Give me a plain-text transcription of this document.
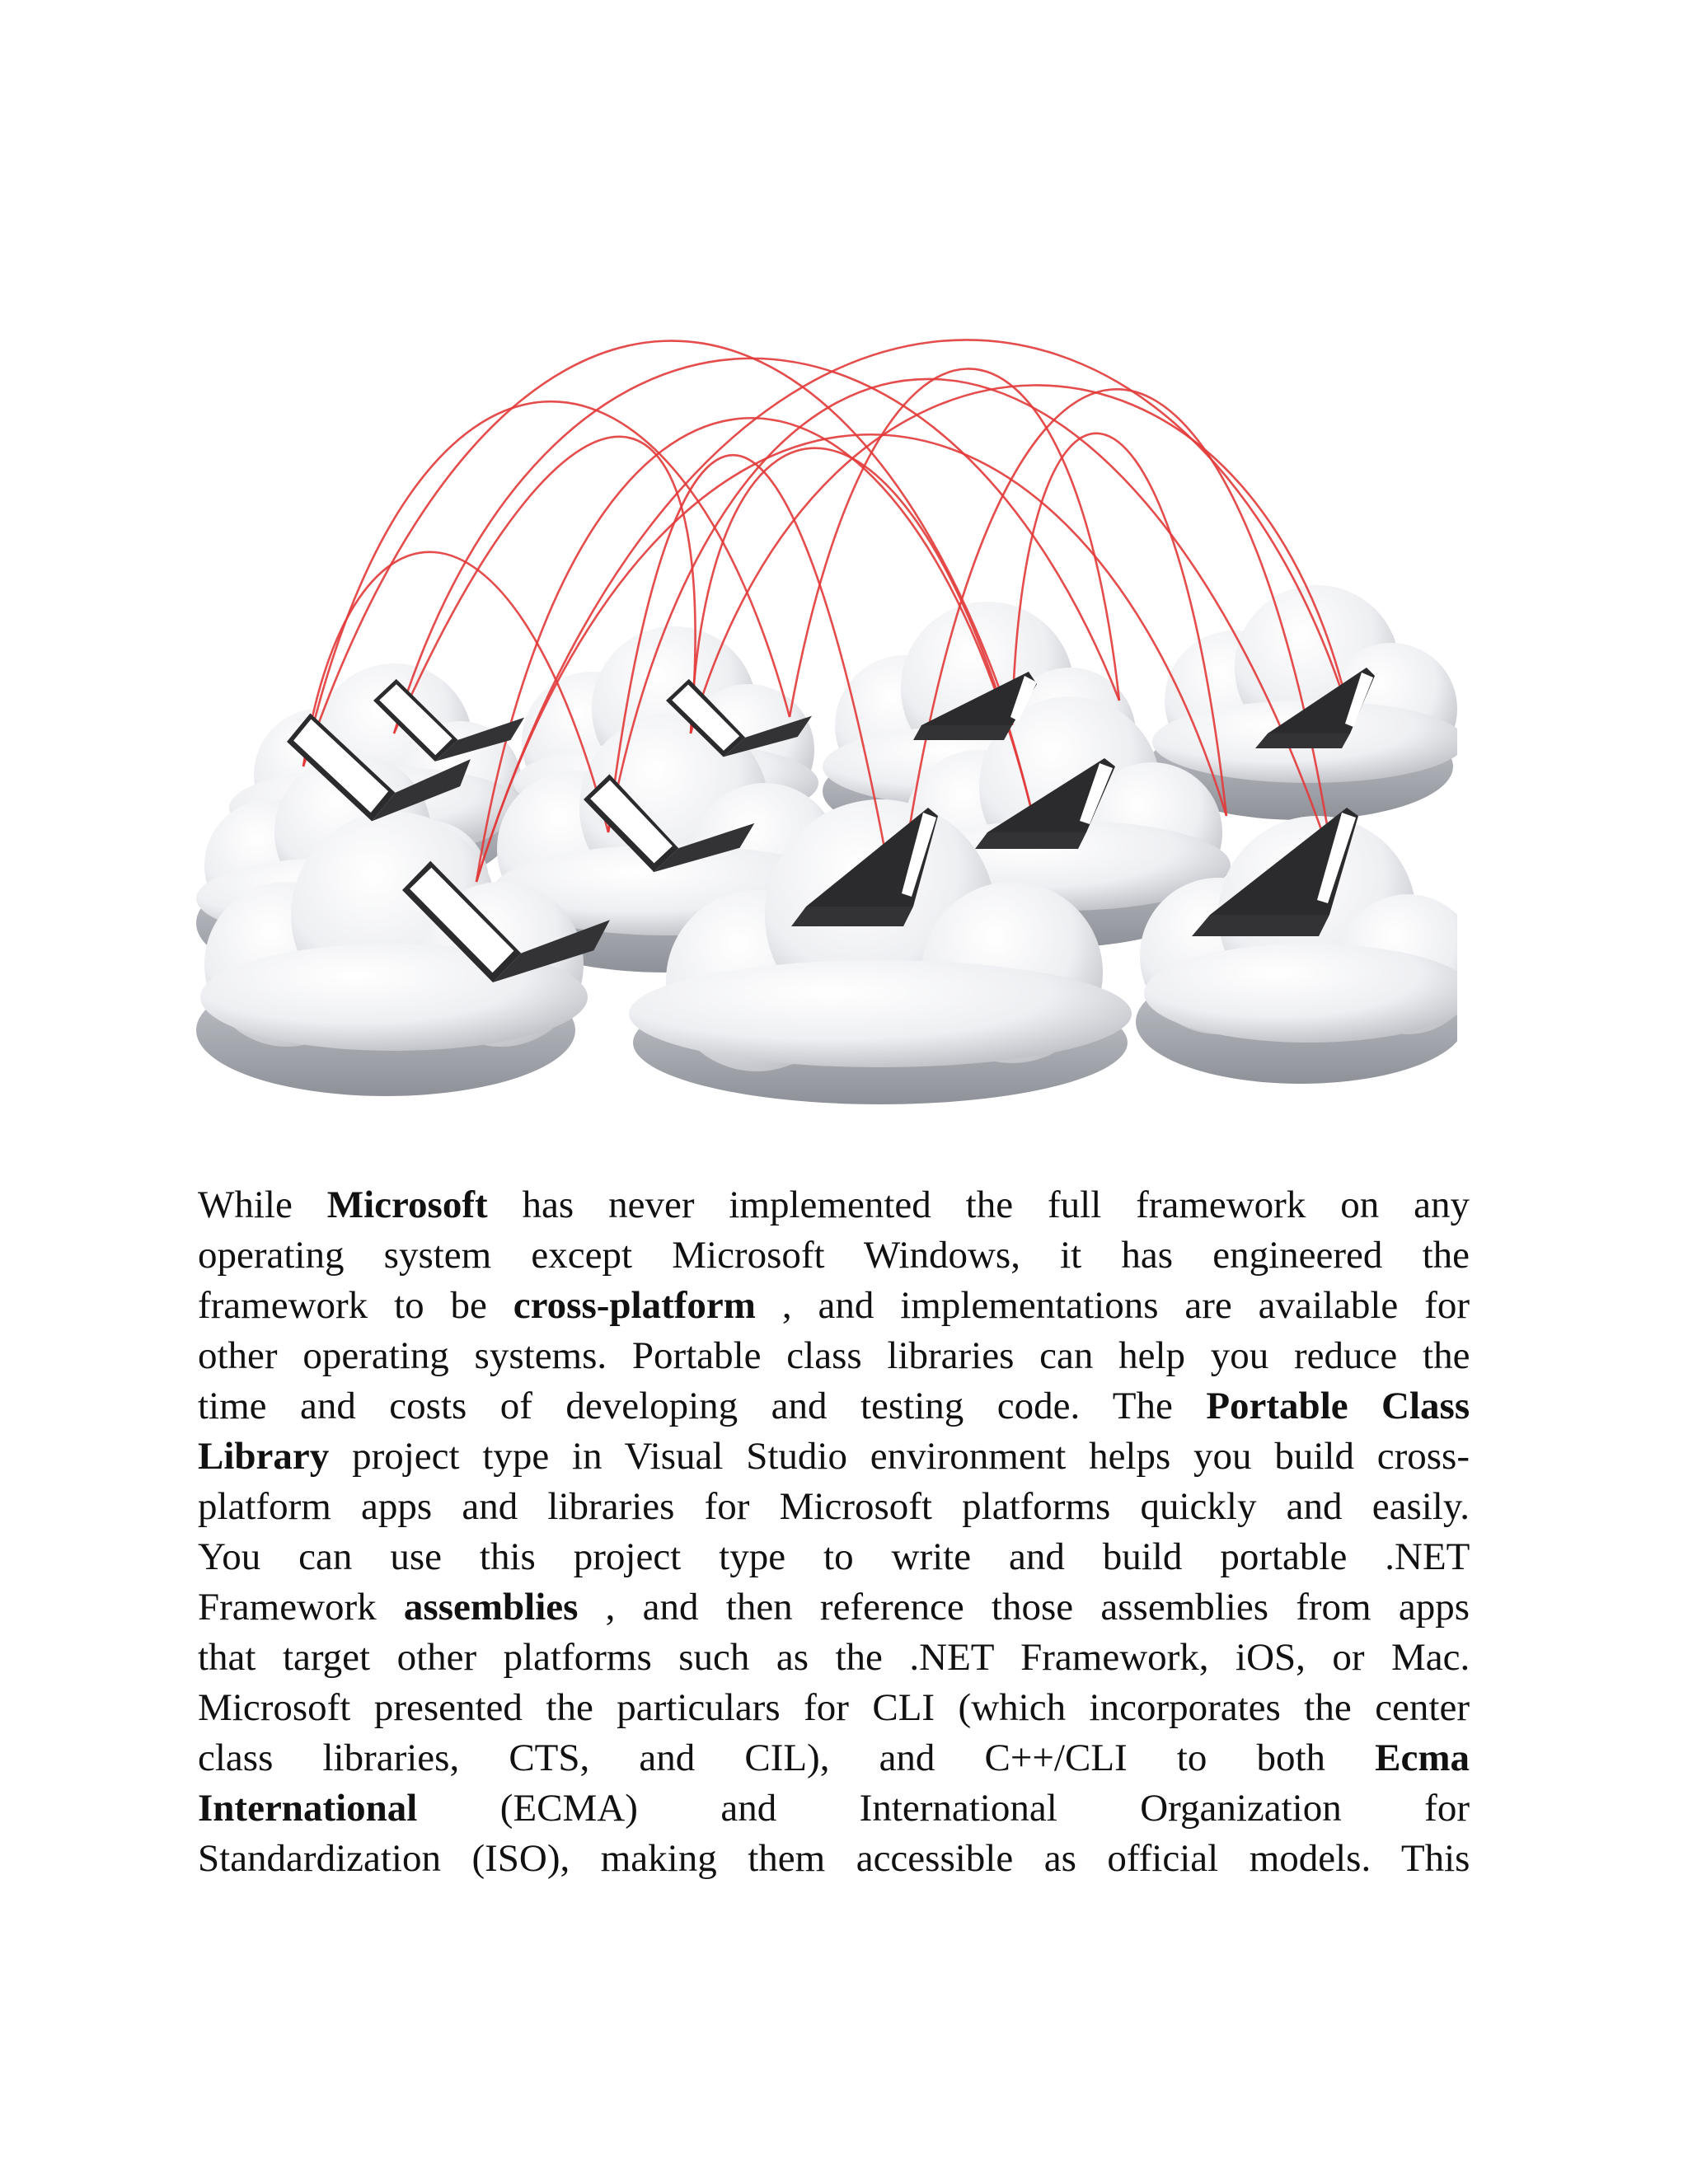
While Microsoft has never implemented the full framework on any
operating system except Microsoft Windows, it has engineered the
framework to be cross-platform , and implementations are available for
other operating systems. Portable class libraries can help you reduce the
time and costs of developing and testing code. The Portable Class
Library project type in Visual Studio environment helps you build cross-
platform apps and libraries for Microsoft platforms quickly and easily.
You can use this project type to write and build portable .NET
Framework assemblies , and then reference those assemblies from apps
that target other platforms such as the .NET Framework, iOS, or Mac.
Microsoft presented the particulars for CLI (which incorporates the center
class libraries, CTS, and CIL), and C++/CLI to both Ecma
International (ECMA) and International Organization for
Standardization (ISO), making them accessible as official models. This
